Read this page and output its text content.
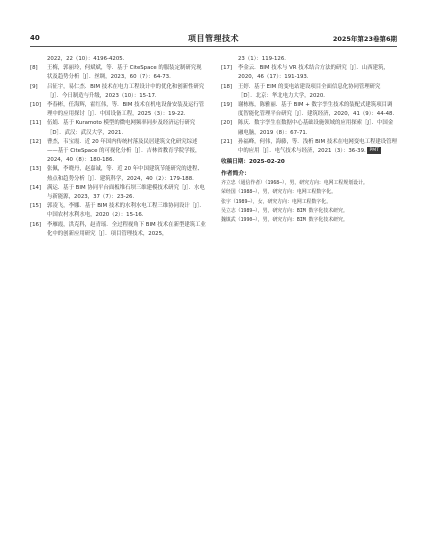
40	项目管理技术	2025年第23卷第6期
2022，22（10）：4196-4205.
[8] 王梅，郭丽玲，何斌斌，等．基于 CiteSpace 的服装定制研究现状及趋势分析［J］．丝绸，2023，60（7）：64-73.
[9] 吕征宇，易仁杰．BIM 技术在电力工程设计中的优化和创新性研究［J］．今日制造与升级，2023（10）：15-17.
[10] 李春彬，任海辉，霍红伟，等．BIM 技术在机电设备安装及运行管理中的应用探讨［J］．中国设备工程，2025（3）：19-22.
[11] 伍娟．基于 Kuramoto 模型的微电网频率同步及经济运行研究［D］．武汉：武汉大学，2021.
[12] 曹杰，韦宝霞．近 20 年国内传统村落及民居建筑文化研究综述——基于 CiteSpace 的可视化分析［J］．吉林省教育学院学报，2024，40（8）：180-186.
[13] 张佩，李晓丹，赵嘉诚，等．近 20 年中国建筑节能研究的进程、热点和趋势分析［J］．建筑科学，2024，40（2）：179-188.
[14] 满运．基于 BIM 协同平台面板堆石坝三维建模技术研究［J］．水电与新能源，2023，37（7）：23-26.
[15] 郭凌飞，李娜．基于 BIM 技术的水利水电工程三维协同设计［J］．中国农村水利水电，2020（2）：15-16.
[16] 李雁霞，洪克科，赵青瑶．全过程视角下 BIM 技术在新型建筑工业化中的创新应用研究［J］．项目管理技术，2025，
23（1）：119-126.
[17] 李金云．BIM 技术与 VR 技术结合方法的研究［J］．山西建筑，2020，46（17）：191-193.
[18] 王婷．基于 EIM 的变电站建设项目全面信息化协同管理研究［D］．北京：华北电力大学，2020.
[19] 谢栋栋，陈雅丽．基于 BIM + 数字孪生技术的装配式建筑项目调度智能化管理平台研究［J］．建筑经济，2020，41（9）：44-48.
[20] 陈庆．数字孪生在数据中心基础设施领域的应用探索［J］．中国金融电脑，2019（8）：67-71.
[21] 孙福峰，何伟，海藤，等．浅析 BIM 技术在电网变电工程建设管理中的应用［J］．电气技术与经济，2021（3）：36-39. PMT
收稿日期：2025-02-20
作者简介：
齐立忠（通信作者）（1968—），男，研究方向：电网工程规划设计。
荣经国（1988—），男，研究方向：电网工程数字化。
张宇（1989—），女，研究方向：电网工程数字化。
吴立志（1989—），男，研究方向：BIM 数字化技术研究。
魏镇武（1990—），男，研究方向：BIM 数字化技术研究。
